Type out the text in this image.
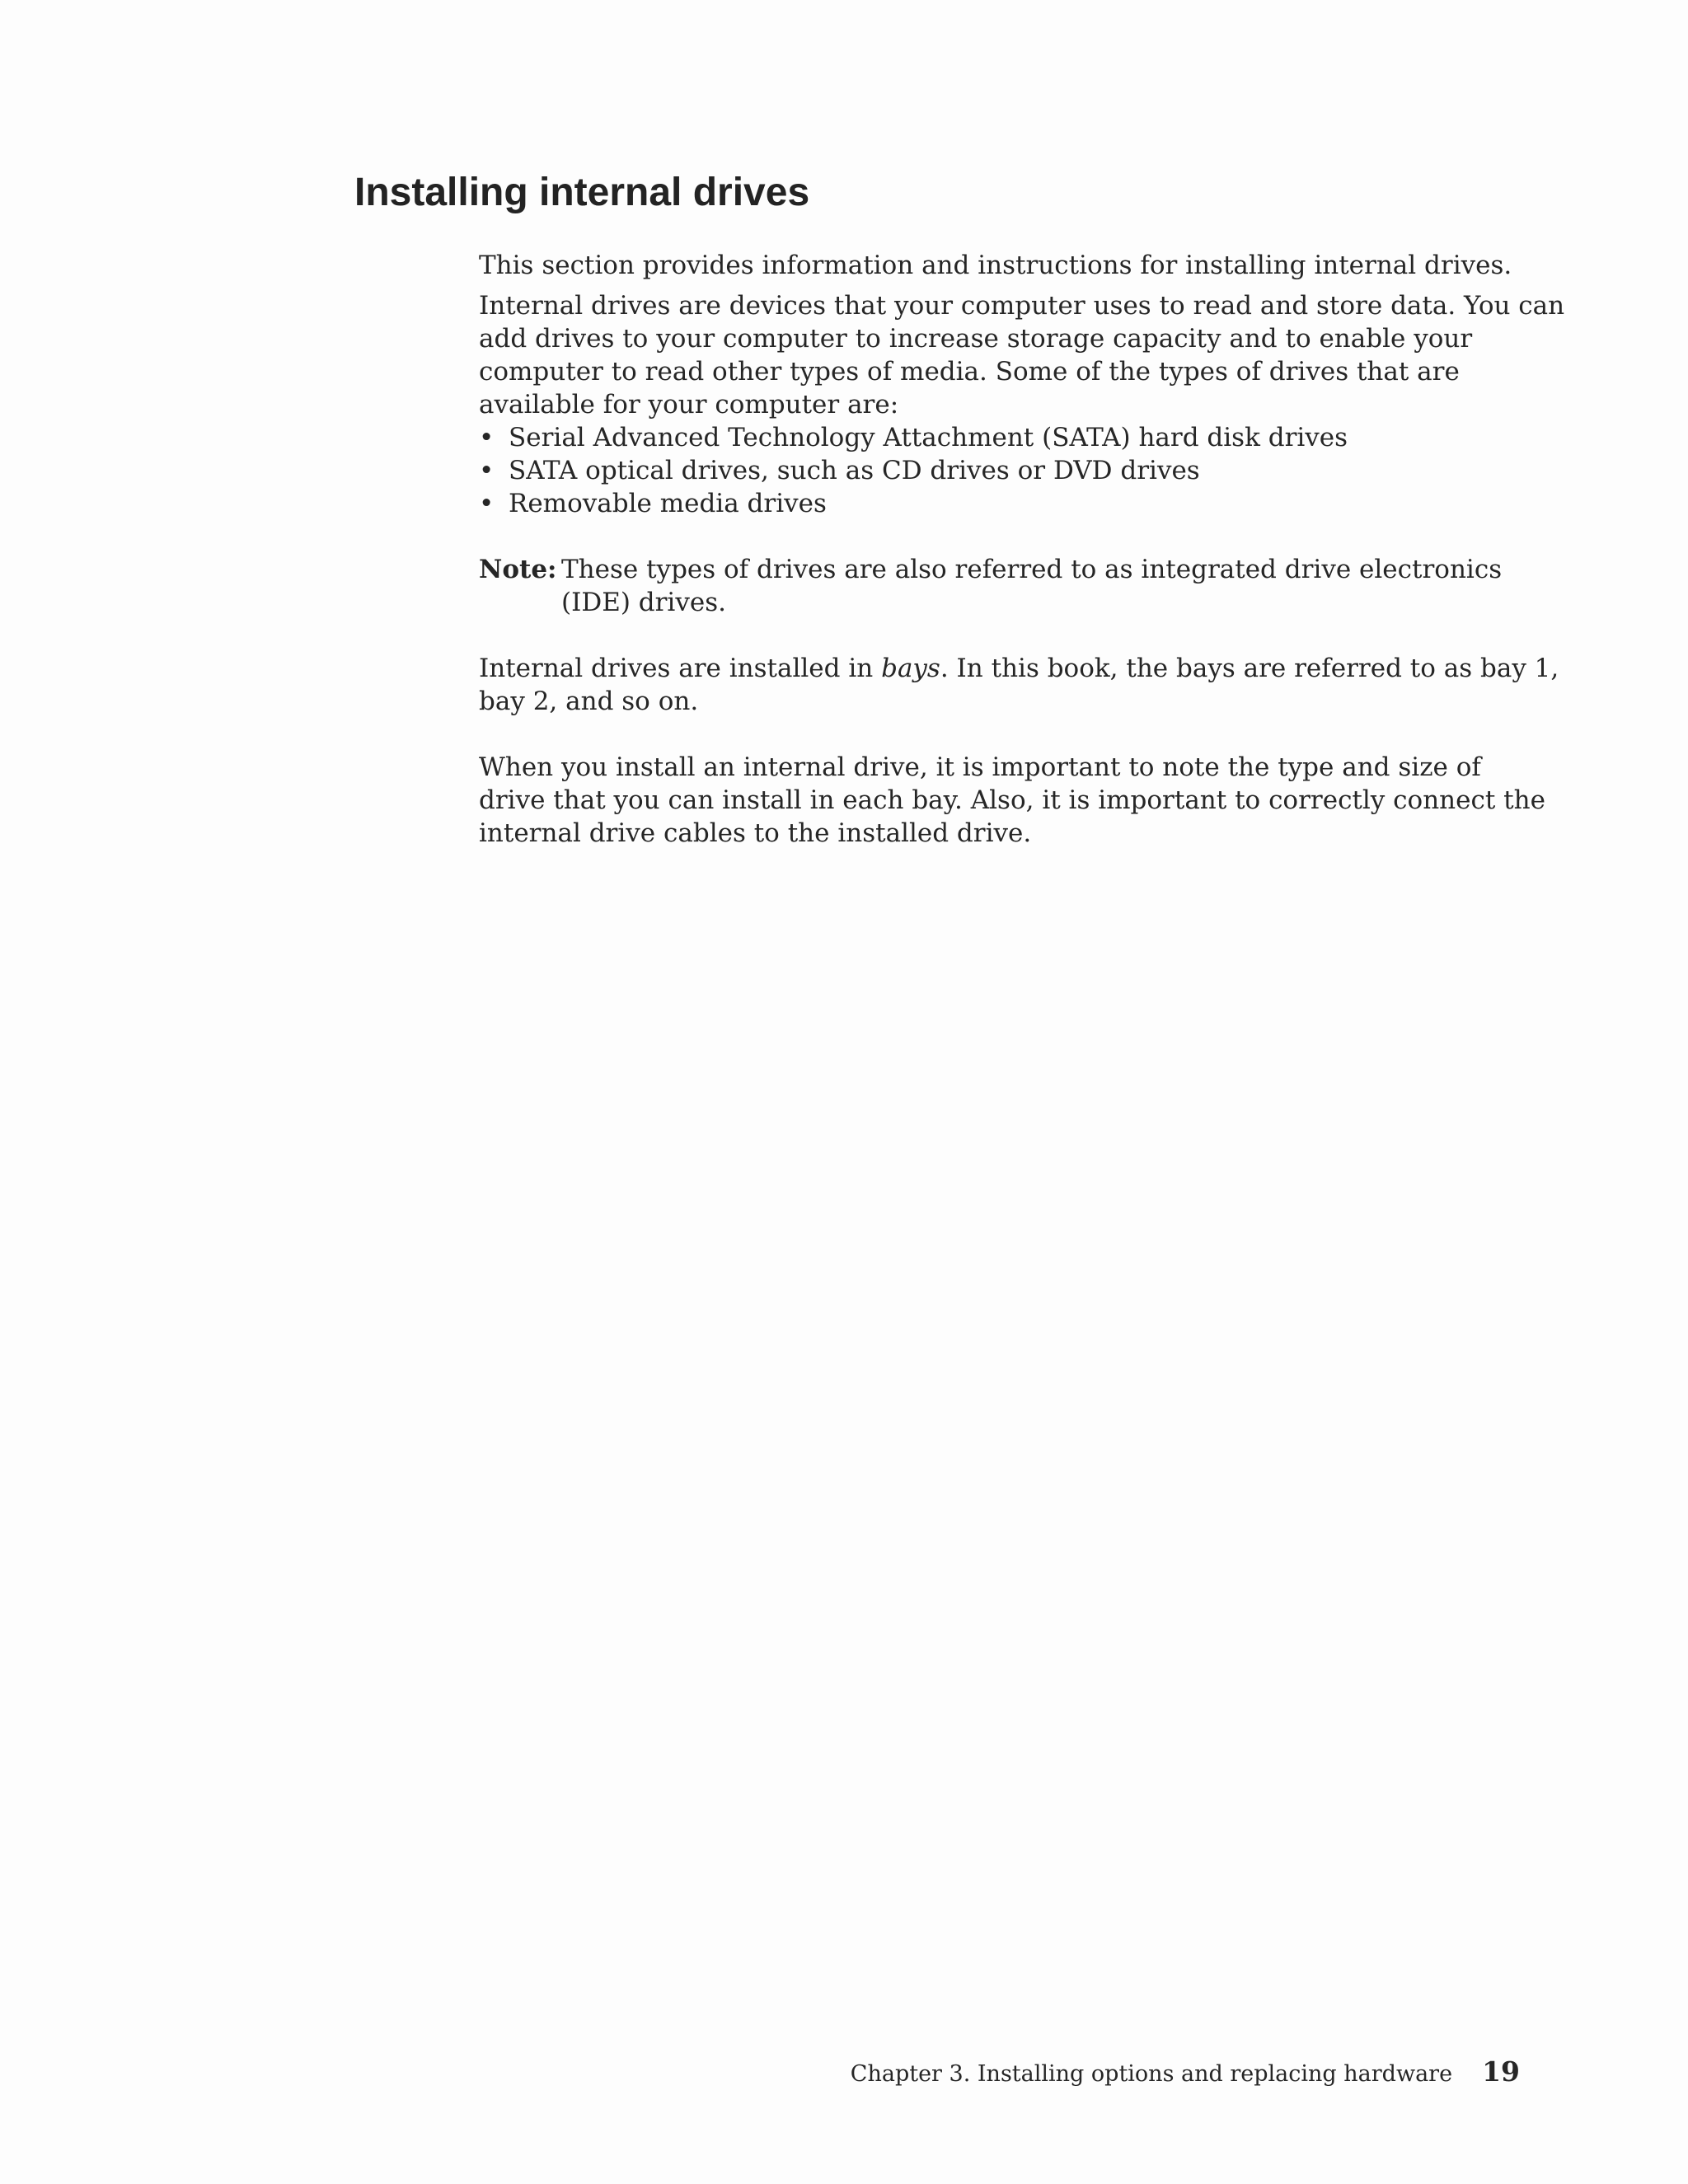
Installing internal drives

This section provides information and instructions for installing internal drives.

Internal drives are devices that your computer uses to read and store data. You can
add drives to your computer to increase storage capacity and to enable your
computer to read other types of media. Some of the types of drives that are
available for your computer are:

• Serial Advanced Technology Attachment (SATA) hard disk drives
• SATA optical drives, such as CD drives or DVD drives
• Removable media drives
Note: These types of drives are also referred to as integrated drive electronics
(IDE) drives.
Internal drives are installed in bays. In this book, the bays are referred to as bay 1,
bay 2, and so on.
When you install an internal drive, it is important to note the type and size of
drive that you can install in each bay. Also, it is important to correctly connect the
internal drive cables to the installed drive.
Chapter 3. Installing options and replacing hardware 19
